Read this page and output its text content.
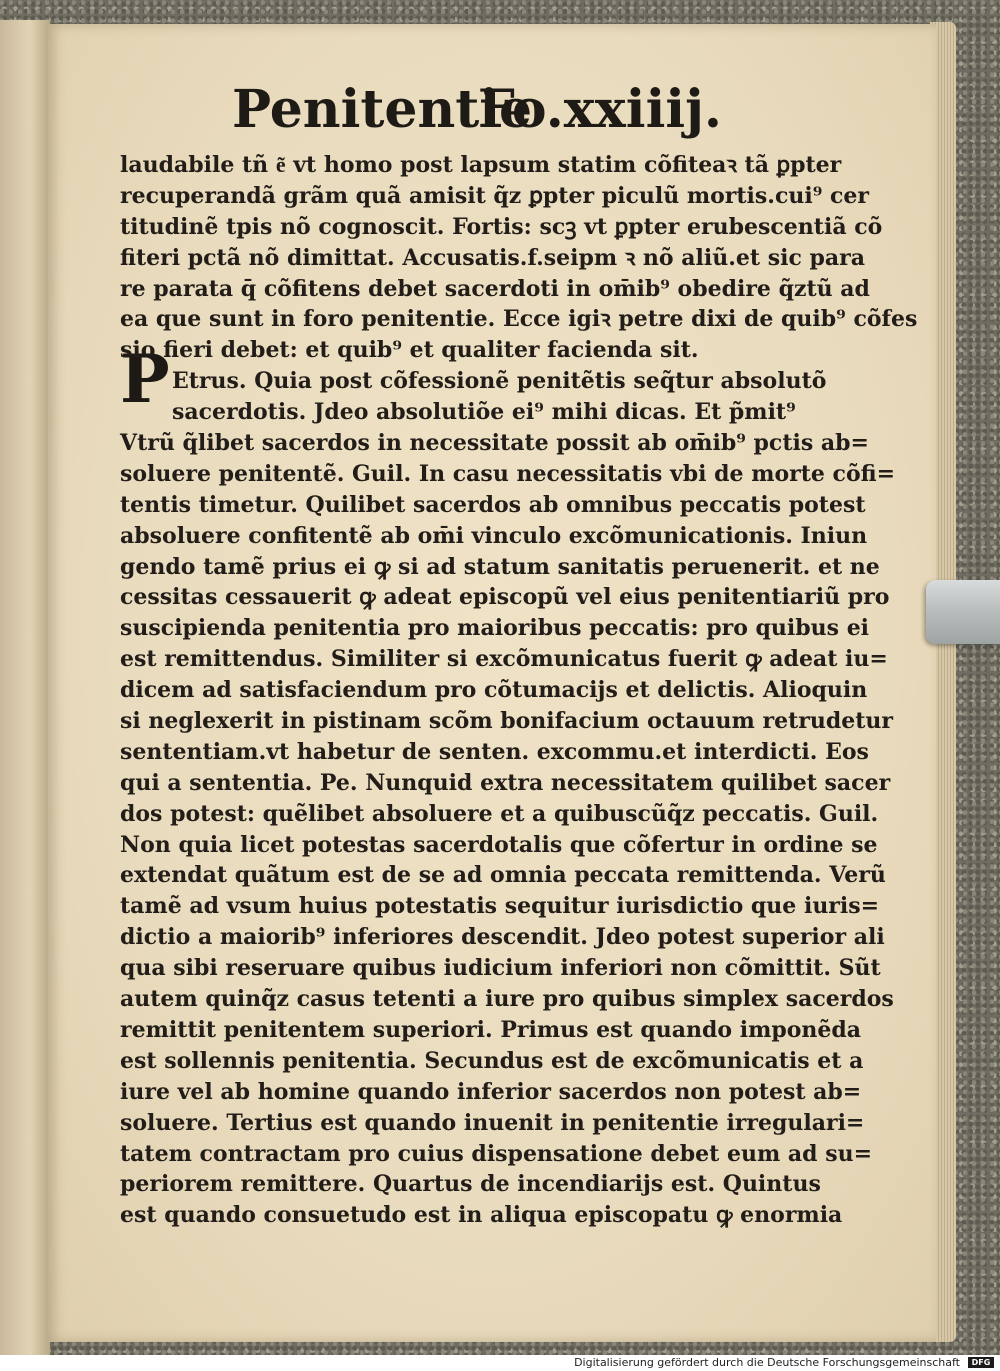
Penitentie
Fo.xxiiij.
P
laudabile tñ e͂ vt homo post lapsum statim cõfiteaꝛ tã ꝑpter
recuperandã grãm quã amisit q̃z ꝑpter piculũ mortis.cui⁹ cer
titudinẽ tpis nõ cognoscit. Fortis: scꝫ vt ꝑpter erubescentiã cõ
fiteri pctã nõ dimittat. Accusatis.f.seipm ꝛ nõ aliũ.et sic para
re parata q̄ cõfitens debet sacerdoti in om̄ib⁹ obedire q̃ztũ ad
ea que sunt in foro penitentie. Ecce igiꝛ petre dixi de quib⁹ cõfes
sio fieri debet: et quib⁹ et qualiter facienda sit.
Etrus. Quia post cõfessionẽ penitẽtis seq̃tur absolutõ
sacerdotis. Jdeo absolutiõe ei⁹ mihi dicas. Et p̃mit⁹
Vtrũ q̃libet sacerdos in necessitate possit ab om̄ib⁹ pctis ab=
soluere penitentẽ. Guil. In casu necessitatis vbi de morte cõfi=
tentis timetur. Quilibet sacerdos ab omnibus peccatis potest
absoluere confitentẽ ab om̄i vinculo excõmunicationis. Iniun
gendo tamẽ prius ei ꝙ si ad statum sanitatis peruenerit. et ne
cessitas cessauerit ꝙ adeat episcopũ vel eius penitentiariũ pro
suscipienda penitentia pro maioribus peccatis: pro quibus ei
est remittendus. Similiter si excõmunicatus fuerit ꝙ adeat iu=
dicem ad satisfaciendum pro cõtumacijs et delictis. Alioquin
si neglexerit in pistinam scõm bonifacium octauum retrudetur
sententiam.vt habetur de senten. excommu.et interdicti. Eos
qui a sententia. Pe. Nunquid extra necessitatem quilibet sacer
dos potest: quẽlibet absoluere et a quibuscũq̃z peccatis. Guil.
Non quia licet potestas sacerdotalis que cõfertur in ordine se
extendat quãtum est de se ad omnia peccata remittenda. Verũ
tamẽ ad vsum huius potestatis sequitur iurisdictio que iuris=
dictio a maiorib⁹ inferiores descendit. Jdeo potest superior ali
qua sibi reseruare quibus iudicium inferiori non cõmittit. Sũt
autem quinq̃z casus tetenti a iure pro quibus simplex sacerdos
remittit penitentem superiori. Primus est quando imponẽda
est sollennis penitentia. Secundus est de excõmunicatis et a
iure vel ab homine quando inferior sacerdos non potest ab=
soluere. Tertius est quando inuenit in penitentie irregulari=
tatem contractam pro cuius dispensatione debet eum ad su=
periorem remittere. Quartus de incendiarijs est. Quintus
est quando consuetudo est in aliqua episcopatu ꝙ enormia
Digitalisierung gefördert durch die Deutsche Forschungsgemeinschaft	DFG
